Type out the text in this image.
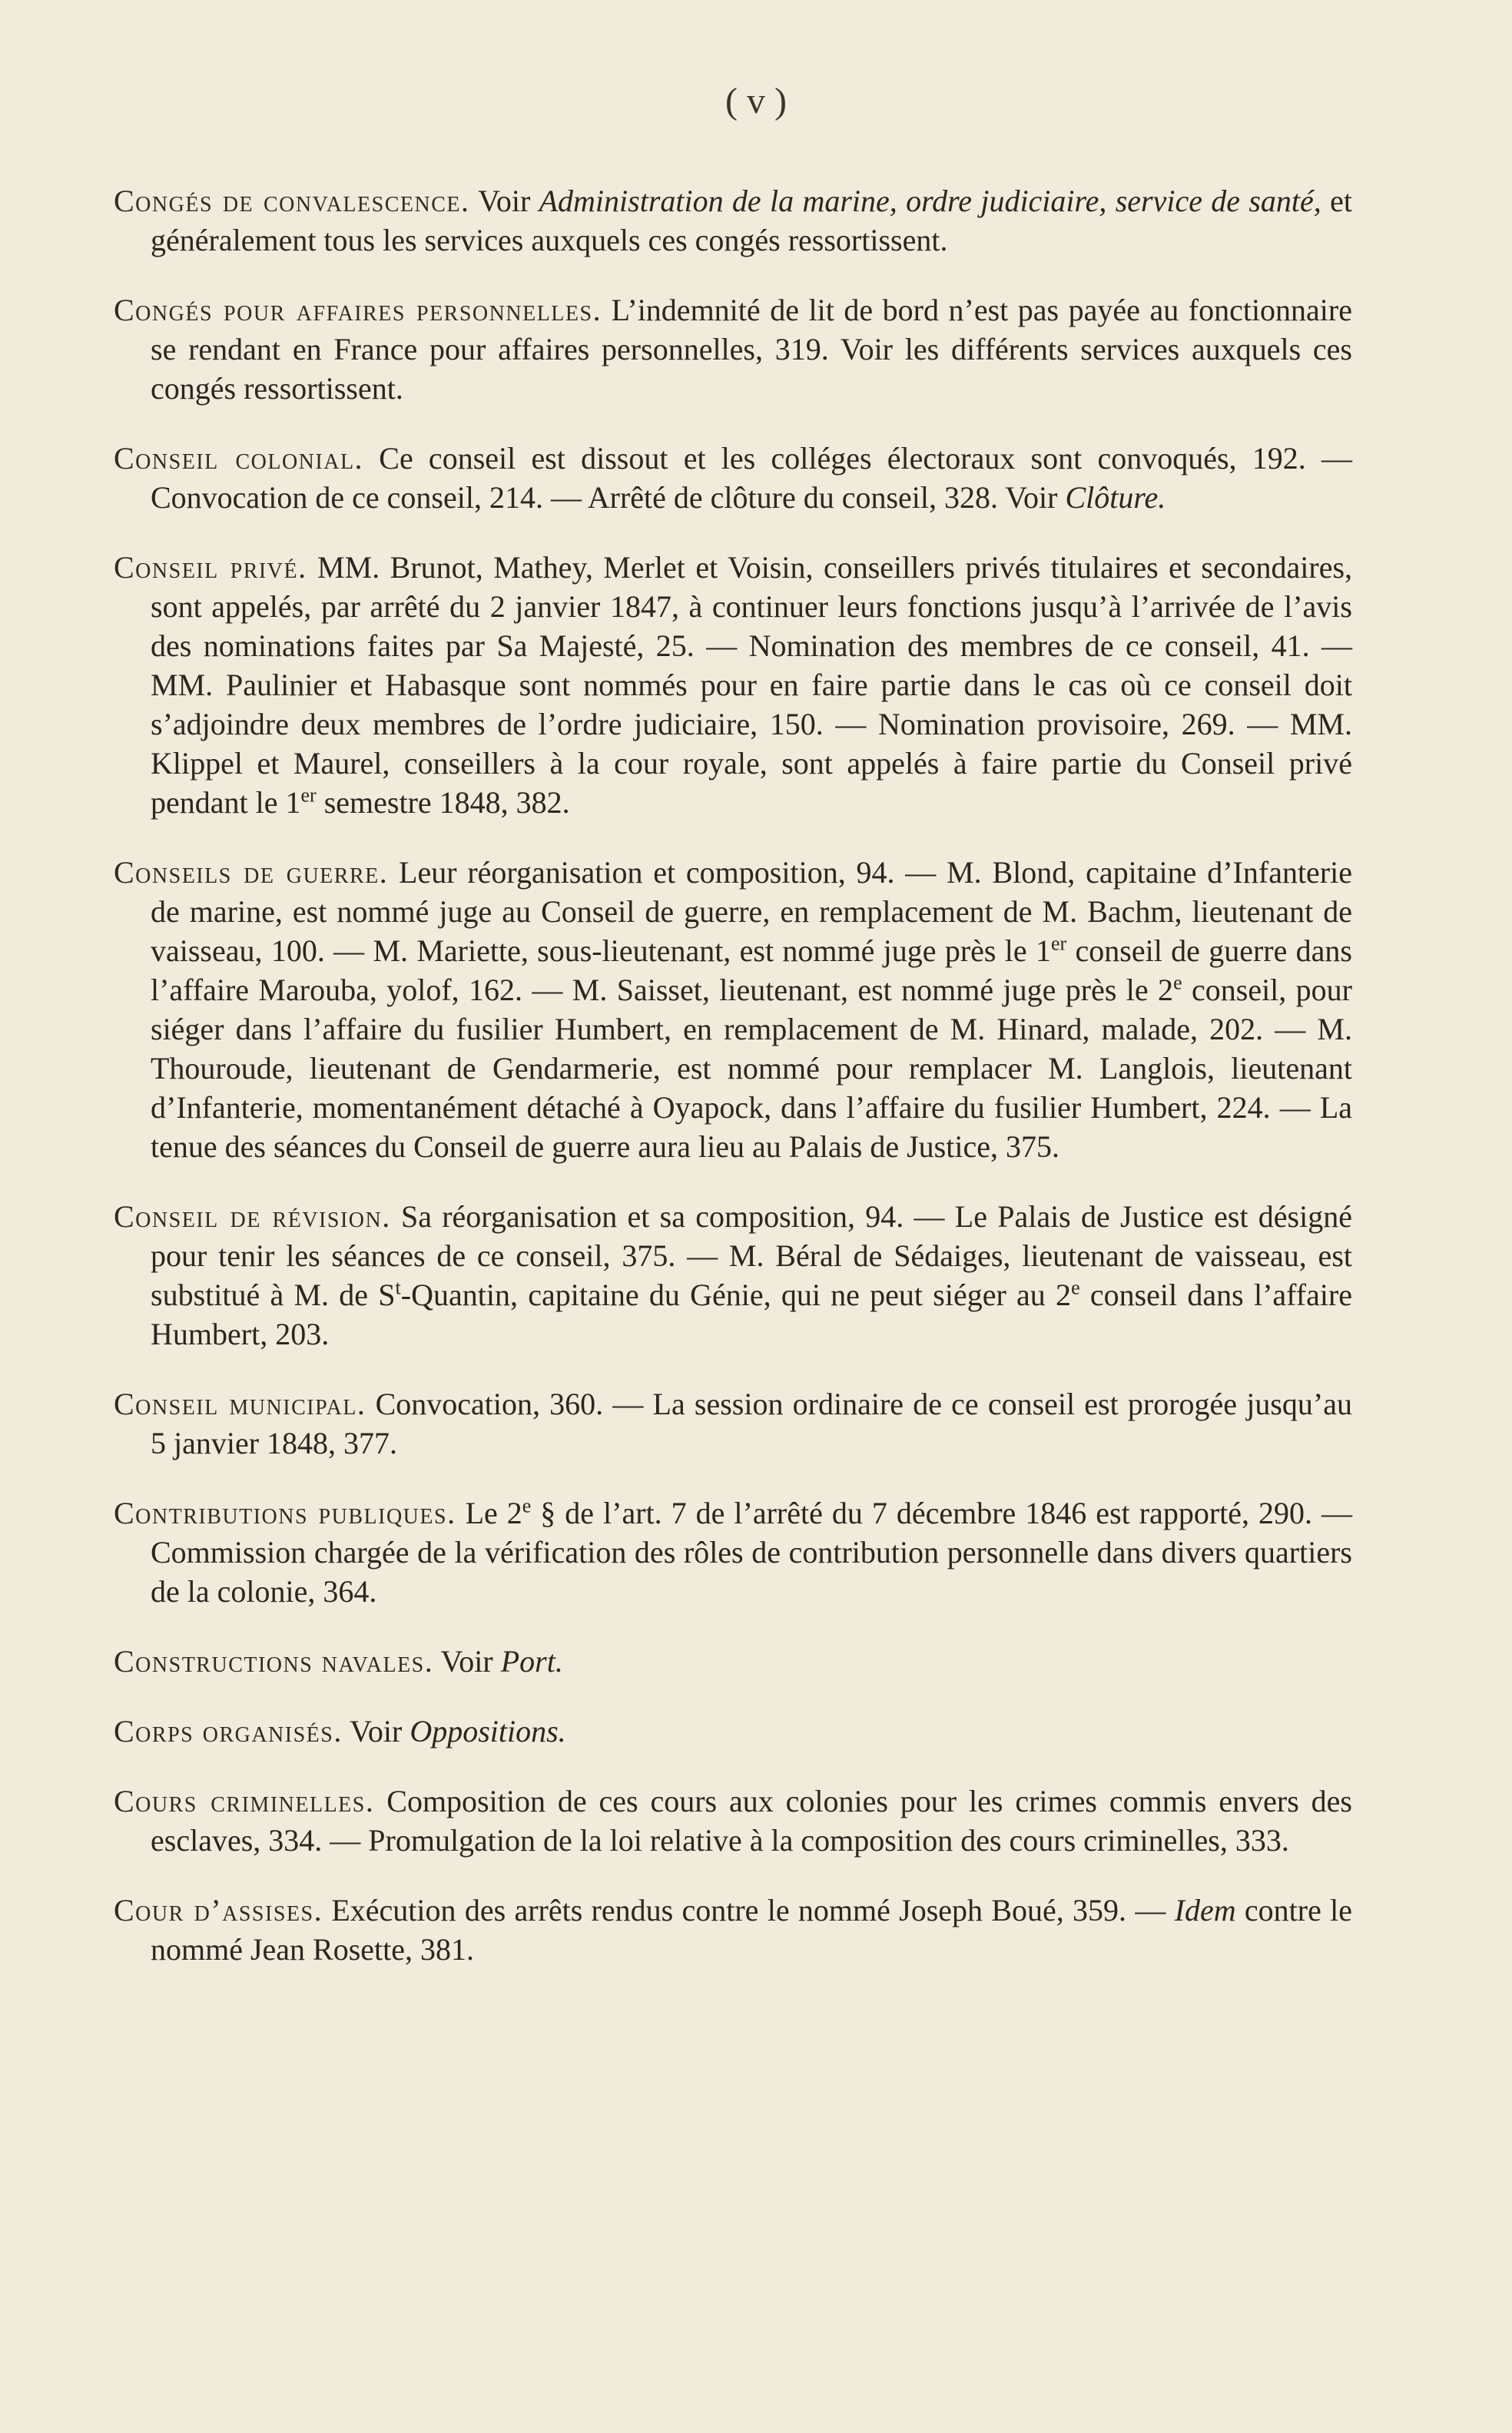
( v )

Congés de convalescence. Voir Administration de la marine, ordre judiciaire, service de santé, et généralement tous les services auxquels ces congés ressortissent.

Congés pour affaires personnelles. L’indemnité de lit de bord n’est pas payée au fonctionnaire se rendant en France pour affaires personnelles, 319. Voir les différents services auxquels ces congés ressortissent.

Conseil colonial. Ce conseil est dissout et les colléges électoraux sont convoqués, 192. — Convocation de ce conseil, 214. — Arrêté de clôture du conseil, 328. Voir Clôture.

Conseil privé. MM. Brunot, Mathey, Merlet et Voisin, conseillers privés titulaires et secondaires, sont appelés, par arrêté du 2 janvier 1847, à continuer leurs fonctions jusqu’à l’arrivée de l’avis des nominations faites par Sa Majesté, 25. — Nomination des membres de ce conseil, 41. — MM. Paulinier et Habasque sont nommés pour en faire partie dans le cas où ce conseil doit s’adjoindre deux membres de l’ordre judiciaire, 150. — Nomination provisoire, 269. — MM. Klippel et Maurel, conseillers à la cour royale, sont appelés à faire partie du Conseil privé pendant le 1er semestre 1848, 382.

Conseils de guerre. Leur réorganisation et composition, 94. — M. Blond, capitaine d’Infanterie de marine, est nommé juge au Conseil de guerre, en remplacement de M. Bachm, lieutenant de vaisseau, 100. — M. Mariette, sous-lieutenant, est nommé juge près le 1er conseil de guerre dans l’affaire Marouba, yolof, 162. — M. Saisset, lieutenant, est nommé juge près le 2e conseil, pour siéger dans l’affaire du fusilier Humbert, en remplacement de M. Hinard, malade, 202. — M. Thouroude, lieutenant de Gendarmerie, est nommé pour remplacer M. Langlois, lieutenant d’Infanterie, momentanément détaché à Oyapock, dans l’affaire du fusilier Humbert, 224. — La tenue des séances du Conseil de guerre aura lieu au Palais de Justice, 375.

Conseil de révision. Sa réorganisation et sa composition, 94. — Le Palais de Justice est désigné pour tenir les séances de ce conseil, 375. — M. Béral de Sédaiges, lieutenant de vaisseau, est substitué à M. de $S^t$-Quantin, capitaine du Génie, qui ne peut siéger au 2e conseil dans l’affaire Humbert, 203.

Conseil municipal. Convocation, 360. — La session ordinaire de ce conseil est prorogée jusqu’au 5 janvier 1848, 377.

Contributions publiques. Le 2e § de l’art. 7 de l’arrêté du 7 décembre 1846 est rapporté, 290. — Commission chargée de la vérification des rôles de contribution personnelle dans divers quartiers de la colonie, 364.

Constructions navales. Voir Port.

Corps organisés. Voir Oppositions.

Cours criminelles. Composition de ces cours aux colonies pour les crimes commis envers des esclaves, 334. — Promulgation de la loi relative à la composition des cours criminelles, 333.

Cour d’assises. Exécution des arrêts rendus contre le nommé Joseph Boué, 359. — Idem contre le nommé Jean Rosette, 381.
